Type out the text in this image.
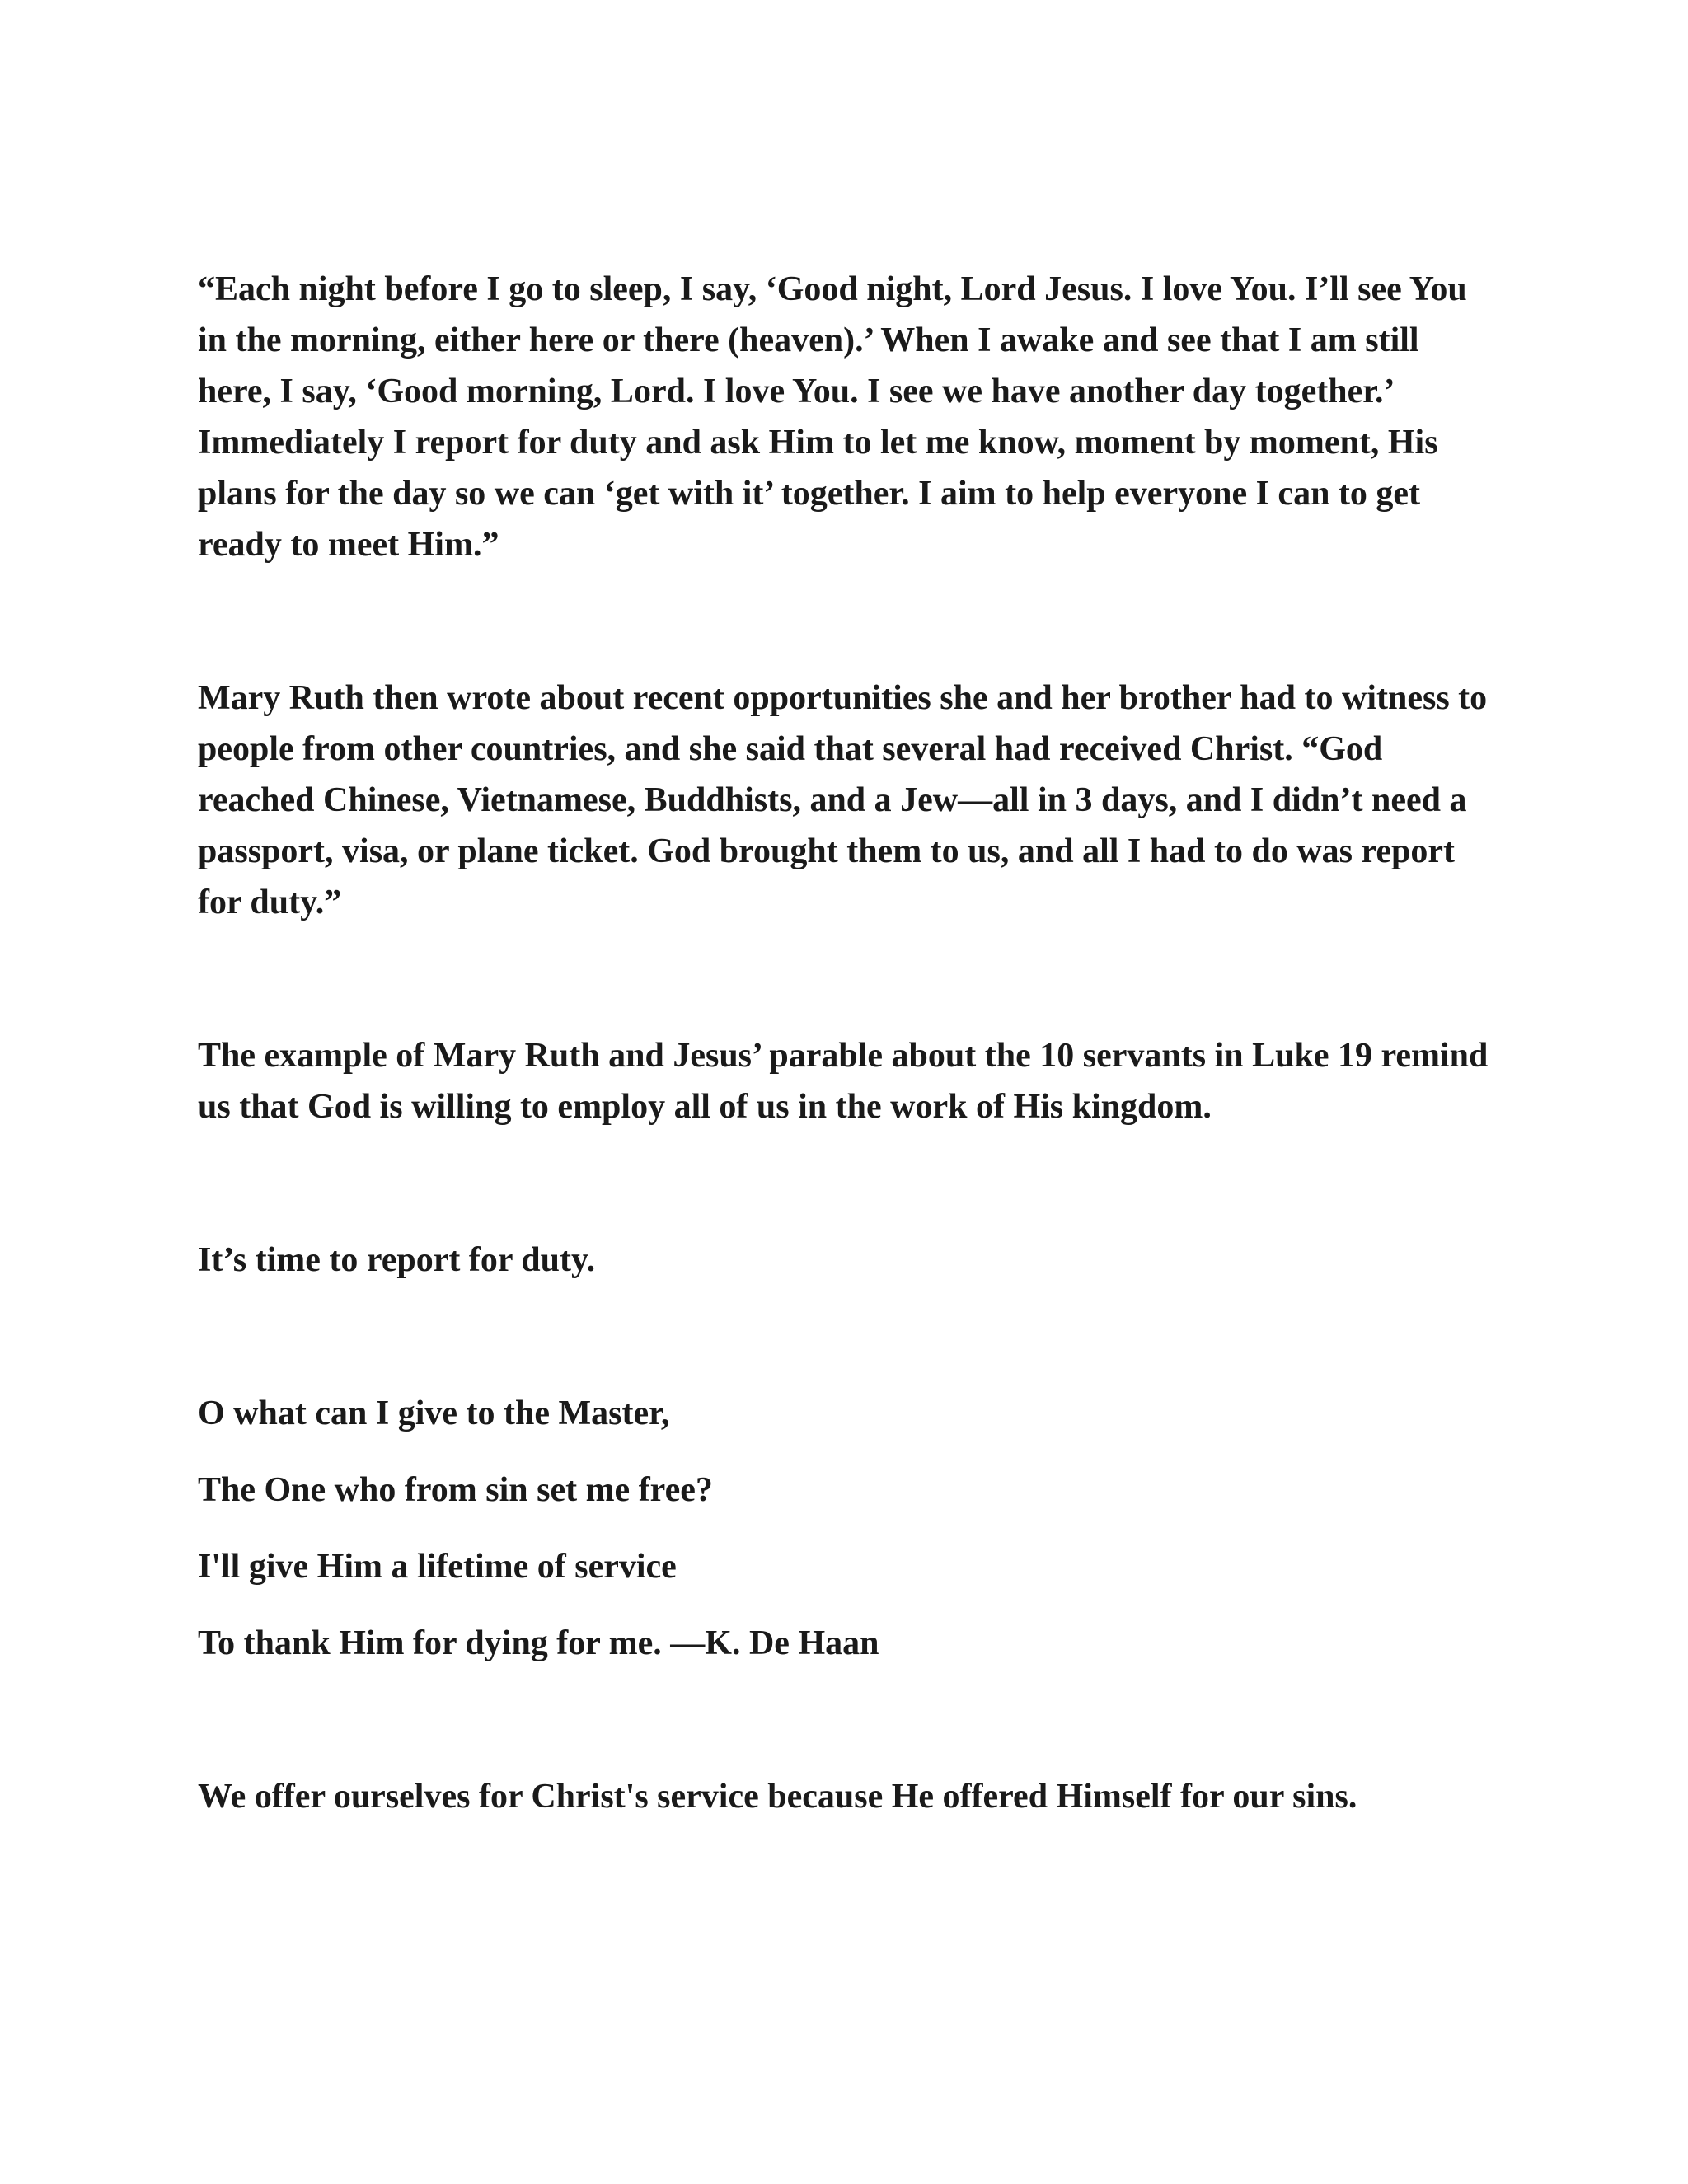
“Each night before I go to sleep, I say, ‘Good night, Lord Jesus. I love You. I’ll see You in the morning, either here or there (heaven).’ When I awake and see that I am still here, I say, ‘Good morning, Lord. I love You. I see we have another day together.’ Immediately I report for duty and ask Him to let me know, moment by moment, His plans for the day so we can ‘get with it’ together. I aim to help everyone I can to get ready to meet Him.”

Mary Ruth then wrote about recent opportunities she and her brother had to witness to people from other countries, and she said that several had received Christ. “God reached Chinese, Vietnamese, Buddhists, and a Jew—all in 3 days, and I didn’t need a passport, visa, or plane ticket. God brought them to us, and all I had to do was report for duty.”

The example of Mary Ruth and Jesus’ parable about the 10 servants in Luke 19 remind us that God is willing to employ all of us in the work of His kingdom.

It’s time to report for duty.

O what can I give to the Master,

The One who from sin set me free?

I'll give Him a lifetime of service

To thank Him for dying for me. —K. De Haan

We offer ourselves for Christ's service because He offered Himself for our sins.
